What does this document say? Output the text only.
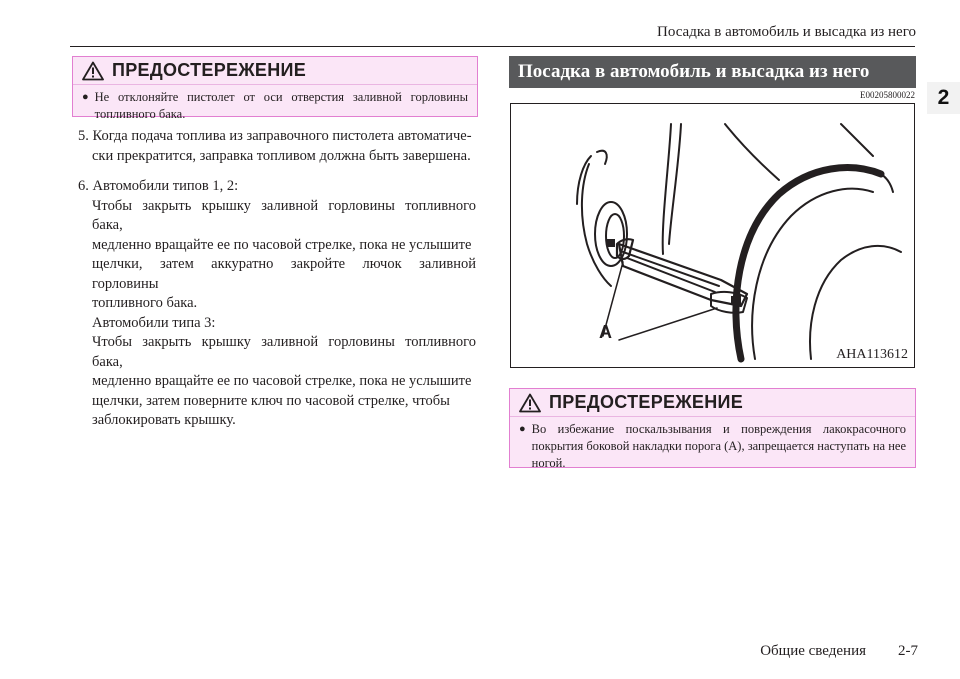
Посадка в автомобиль и высадка из него
2
ПРЕДОСТЕРЕЖЕНИЕ
● Не отклоняйте пистолет от оси отверстия заливной горловины топливного бака.
5. Когда подача топлива из заправочного пистолета автоматиче-
ски прекратится, заправка топливом должна быть завершена.
6. Автомобили типов 1, 2:
Чтобы закрыть крышку заливной горловины топливного бака,
медленно вращайте ее по часовой стрелке, пока не услышите
щелчки, затем аккуратно закройте лючок заливной горловины
топливного бака.
Автомобили типа 3:
Чтобы закрыть крышку заливной горловины топливного бака,
медленно вращайте ее по часовой стрелке, пока не услышите
щелчки, затем поверните ключ по часовой стрелке, чтобы
заблокировать крышку.
Посадка в автомобиль и высадка из него
E00205800022
A
AHA113612
ПРЕДОСТЕРЕЖЕНИЕ
● Во избежание поскальзывания и повреждения лакокрасочного покрытия боковой накладки порога (А), запрещается наступать на нее ногой.
Общие сведения 2-7
